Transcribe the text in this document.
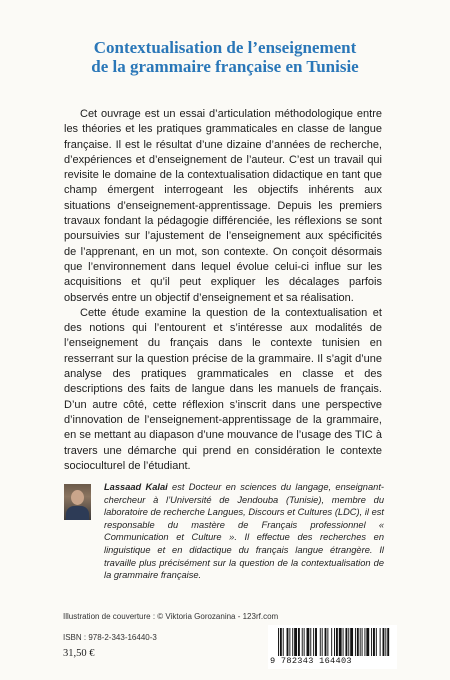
Contextualisation de l’enseignement
de la grammaire française en Tunisie

Cet ouvrage est un essai d’articulation méthodologique entre les théories et les pratiques grammaticales en classe de langue française. Il est le résultat d’une dizaine d’années de recherche, d’expériences et d’enseignement de l’auteur. C’est un travail qui revisite le domaine de la contextualisation didactique en tant que champ émergent interrogeant les objectifs inhérents aux situations d’enseignement-apprentissage. Depuis les premiers travaux fondant la pédagogie différenciée, les réflexions se sont poursuivies sur l’ajustement de l’enseignement aux spécificités de l’apprenant, en un mot, son contexte. On conçoit désormais que l’environnement dans lequel évolue celui-ci influe sur les acquisitions et qu’il peut expliquer les décalages parfois observés entre un objectif d’enseignement et sa réalisation.

Cette étude examine la question de la contextualisation et des notions qui l’entourent et s’intéresse aux modalités de l’enseignement du français dans le contexte tunisien en resserrant sur la question précise de la grammaire. Il s’agit d’une analyse des pratiques grammaticales en classe et des descriptions des faits de langue dans les manuels de français. D’un autre côté, cette réflexion s’inscrit dans une perspective d’innovation de l’enseignement-apprentissage de la grammaire, en se mettant au diapason d’une mouvance de l’usage des TIC à travers une démarche qui prend en considération le contexte socioculturel de l’étudiant.

Lassaad Kalai est Docteur en sciences du langage, enseignant-chercheur à l’Université de Jendouba (Tunisie), membre du laboratoire de recherche Langues, Discours et Cultures (LDC), il est responsable du mastère de Français professionnel « Communication et Culture ». Il effectue des recherches en linguistique et en didactique du français langue étrangère. Il travaille plus précisément sur la question de la contextualisation de la grammaire française.
Illustration de couverture : © Viktoria Gorozanina - 123rf.com
ISBN : 978-2-343-16440-3
31,50 €
9 782343 164403
